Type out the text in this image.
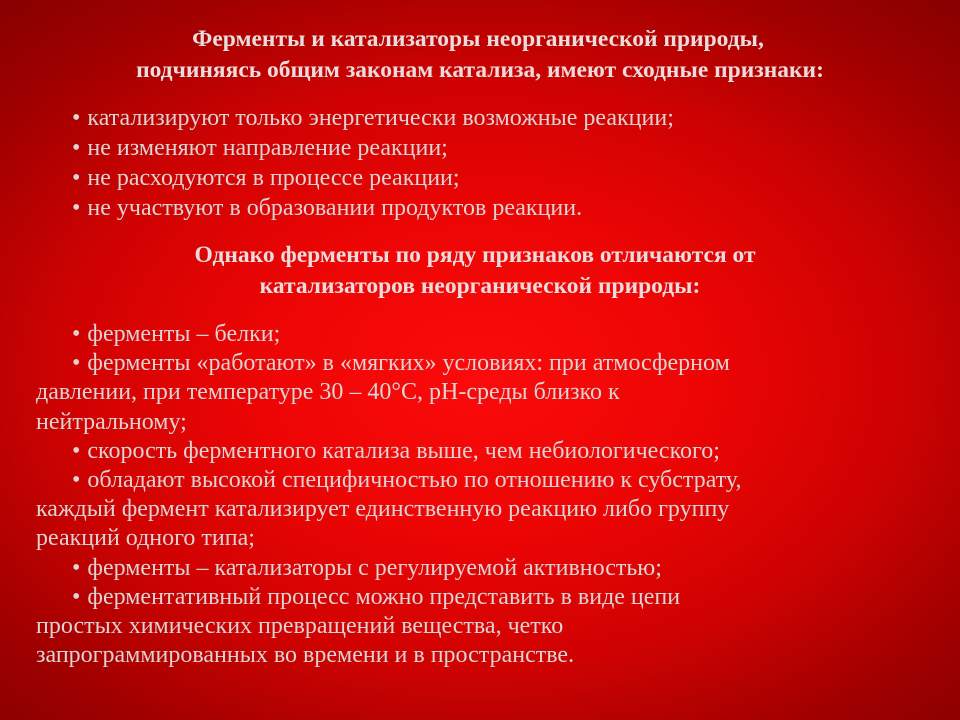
Ферменты и катализаторы неорганической природы,
подчиняясь общим законам катализа, имеют сходные признаки:
• катализируют только энергетически возможные реакции;
• не изменяют направление реакции;
• не расходуются в процессе реакции;
• не участвуют в образовании продуктов реакции.
Однако ферменты по ряду признаков отличаются от
катализаторов неорганической природы:
• ферменты – белки;
• ферменты «работают» в «мягких» условиях: при атмосферном
давлении, при температуре 30 – 40°С, рН-среды близко к
нейтральному;
• скорость ферментного катализа выше, чем небиологического;
• обладают высокой специфичностью по отношению к субстрату,
каждый фермент катализирует единственную реакцию либо группу
реакций одного типа;
• ферменты – катализаторы с регулируемой активностью;
• ферментативный процесс можно представить в виде цепи
простых химических превращений вещества, четко
запрограммированных во времени и в пространстве.
